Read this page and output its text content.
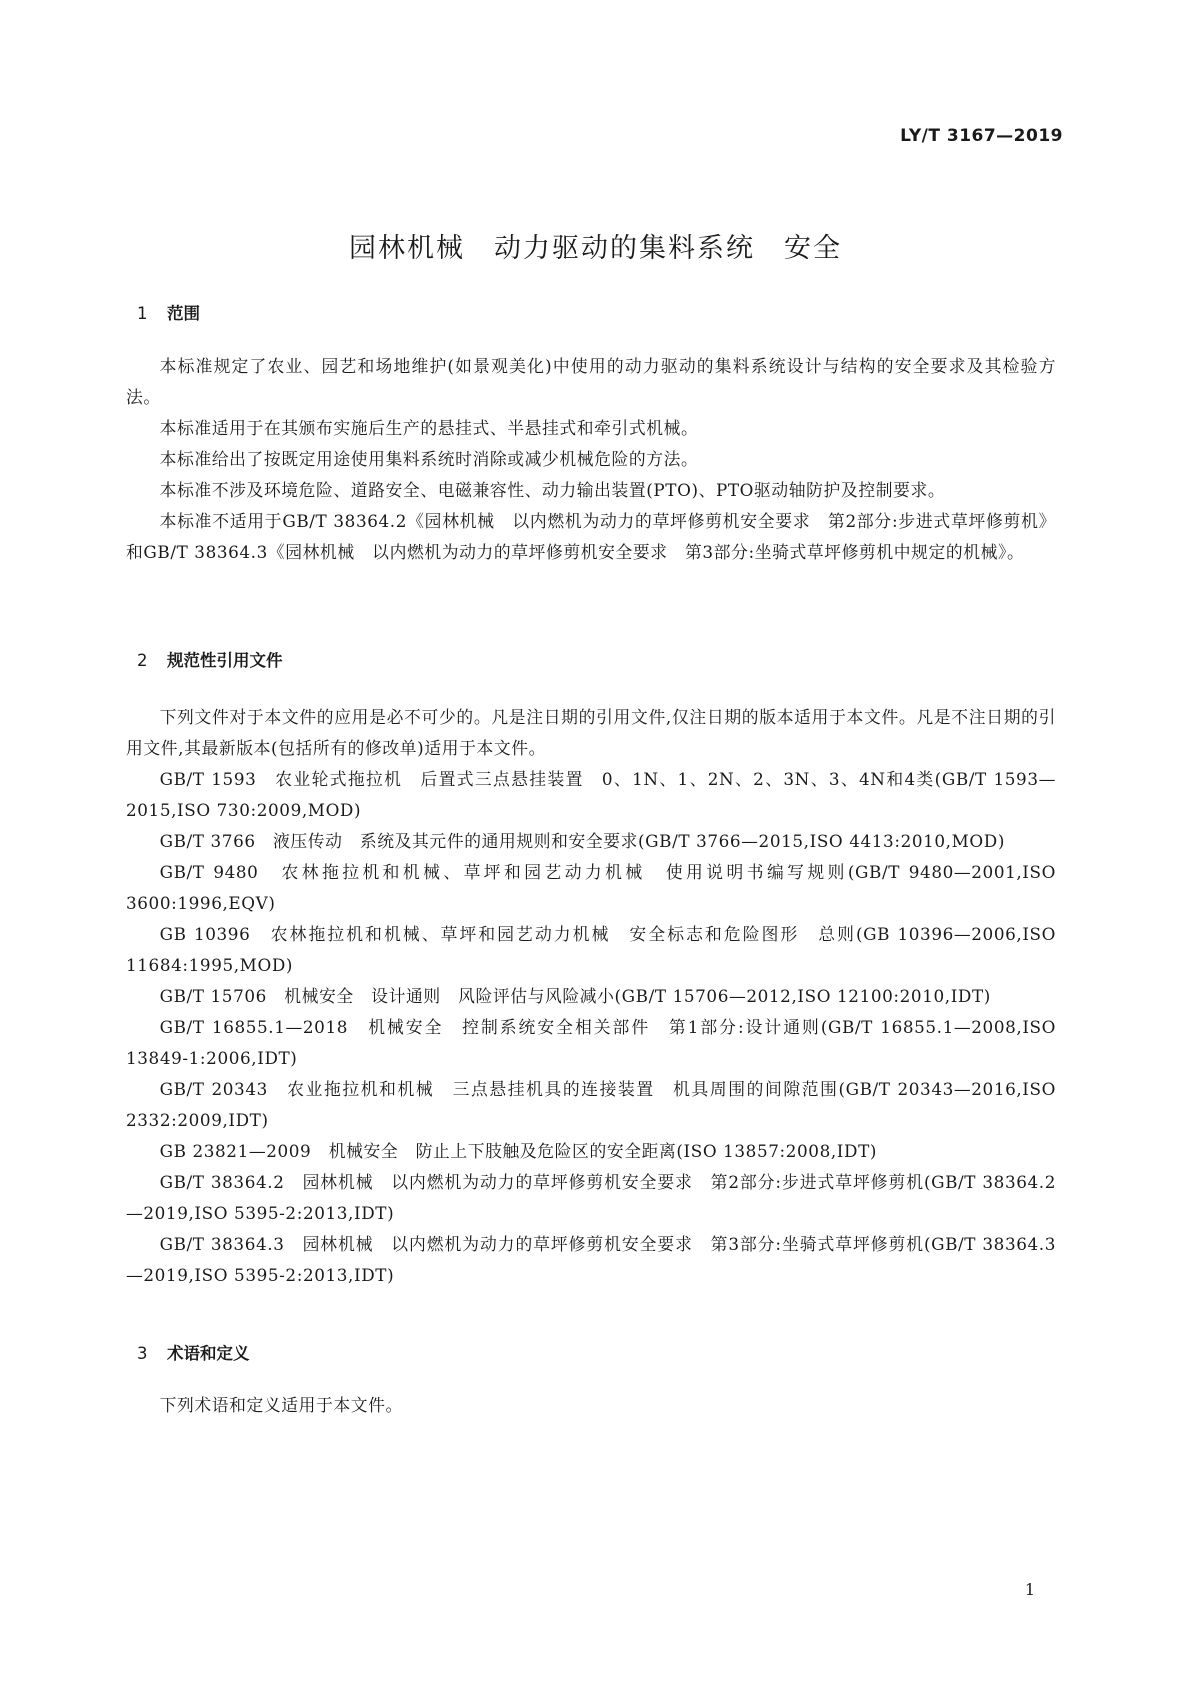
LY/T 3167—2019
园林机械　动力驱动的集料系统　安全
1 范围

本标准规定了农业、园艺和场地维护(如景观美化)中使用的动力驱动的集料系统设计与结构的安全要求及其检验方法。

本标准适用于在其颁布实施后生产的悬挂式、半悬挂式和牵引式机械。

本标准给出了按既定用途使用集料系统时消除或减少机械危险的方法。

本标准不涉及环境危险、道路安全、电磁兼容性、动力输出装置(PTO)、PTO驱动轴防护及控制要求。

本标准不适用于GB/T 38364.2《园林机械　以内燃机为动力的草坪修剪机安全要求　第2部分:步进式草坪修剪机》和GB/T 38364.3《园林机械　以内燃机为动力的草坪修剪机安全要求　第3部分:坐骑式草坪修剪机中规定的机械》。

2 规范性引用文件

下列文件对于本文件的应用是必不可少的。凡是注日期的引用文件,仅注日期的版本适用于本文件。凡是不注日期的引用文件,其最新版本(包括所有的修改单)适用于本文件。

GB/T 1593　农业轮式拖拉机　后置式三点悬挂装置　0、1N、1、2N、2、3N、3、4N和4类(GB/T 1593—2015,ISO 730:2009,MOD)

GB/T 3766　液压传动　系统及其元件的通用规则和安全要求(GB/T 3766—2015,ISO 4413:2010,MOD)

GB/T 9480　农林拖拉机和机械、草坪和园艺动力机械　使用说明书编写规则(GB/T 9480—2001,ISO 3600:1996,EQV)

GB 10396　农林拖拉机和机械、草坪和园艺动力机械　安全标志和危险图形　总则(GB 10396—2006,ISO 11684:1995,MOD)

GB/T 15706　机械安全　设计通则　风险评估与风险减小(GB/T 15706—2012,ISO 12100:2010,IDT)

GB/T 16855.1—2018　机械安全　控制系统安全相关部件　第1部分:设计通则(GB/T 16855.1—2008,ISO 13849-1:2006,IDT)

GB/T 20343　农业拖拉机和机械　三点悬挂机具的连接装置　机具周围的间隙范围(GB/T 20343—2016,ISO 2332:2009,IDT)

GB 23821—2009　机械安全　防止上下肢触及危险区的安全距离(ISO 13857:2008,IDT)

GB/T 38364.2　园林机械　以内燃机为动力的草坪修剪机安全要求　第2部分:步进式草坪修剪机(GB/T 38364.2—2019,ISO 5395-2:2013,IDT)

GB/T 38364.3　园林机械　以内燃机为动力的草坪修剪机安全要求　第3部分:坐骑式草坪修剪机(GB/T 38364.3—2019,ISO 5395-2:2013,IDT)

3 术语和定义

下列术语和定义适用于本文件。

1
